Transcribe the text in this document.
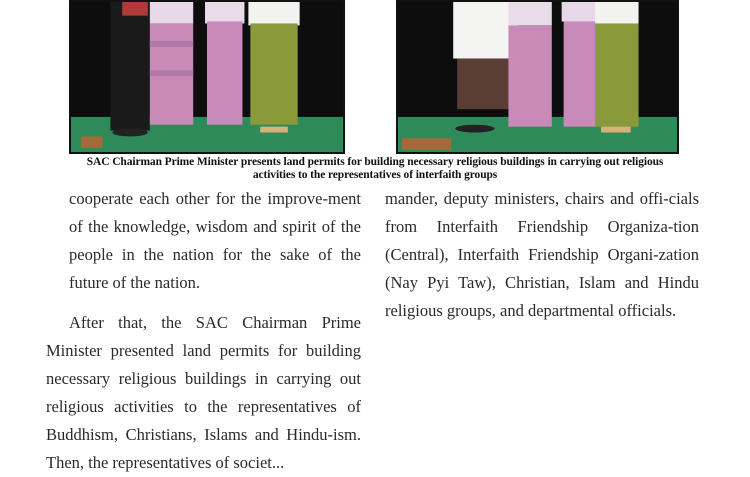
SAC Chairman Prime Minister presents land permits for building necessary religious buildings in carrying out religious
activities to the representatives of interfaith groups

cooperate each other for the improve-ment of the knowledge, wisdom and spirit of the people in the nation for the sake of the future of the nation.

After that, the SAC Chairman Prime Minister presented land permits for building necessary religious buildings in carrying out religious activities to the representatives of Buddhism, Christians, Islams and Hindu-ism. Then, the representatives of societ...

mander, deputy ministers, chairs and offi-cials from Interfaith Friendship Organiza-tion (Central), Interfaith Friendship Organi-zation (Nay Pyi Taw), Christian, Islam and Hindu religious groups, and departmental officials.
